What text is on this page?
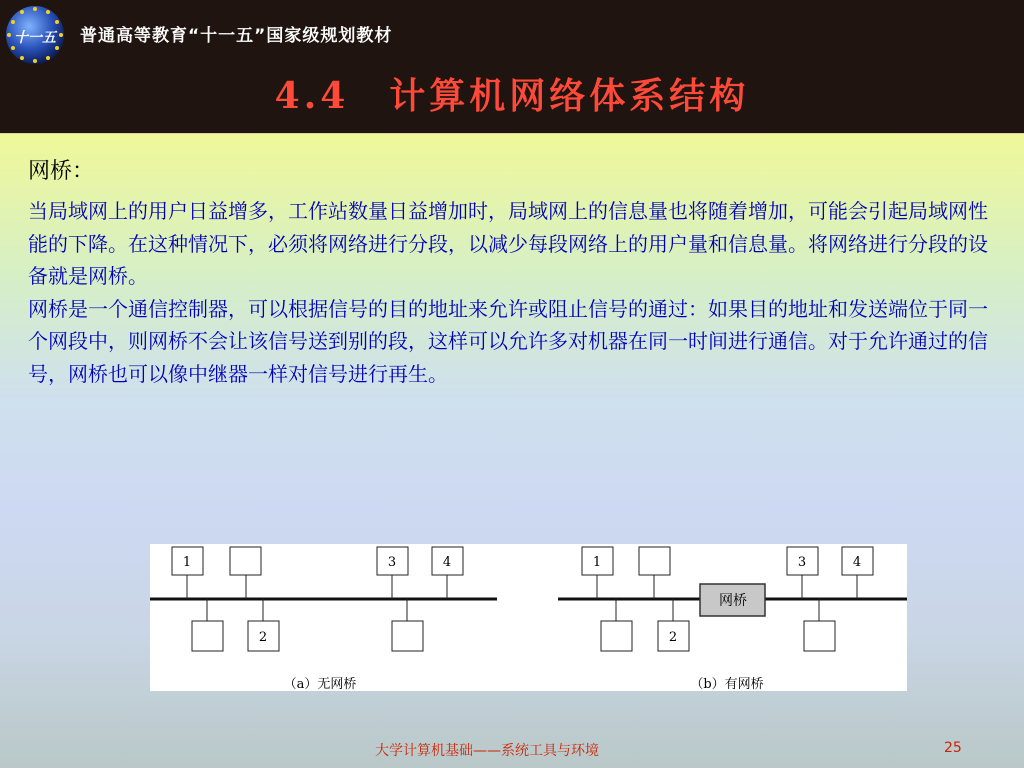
十一五 普通高等教育“十一五”国家级规划教材
4.4　计算机网络体系结构

网桥：

当局域网上的用户日益增多，工作站数量日益增加时，局域网上的信息量也将随着增加，可能会引起局域网性能的下降。在这种情况下，必须将网络进行分段，以减少每段网络上的用户量和信息量。将网络进行分段的设备就是网桥。

网桥是一个通信控制器，可以根据信号的目的地址来允许或阻止信号的通过：如果目的地址和发送端位于同一个网段中，则网桥不会让该信号送到别的段，这样可以允许多对机器在同一时间进行通信。对于允许通过的信号，网桥也可以像中继器一样对信号进行再生。

1	3	4
2
（a）无网桥
1	3	4
网桥
2
（b）有网桥
大学计算机基础——系统工具与环境	25
